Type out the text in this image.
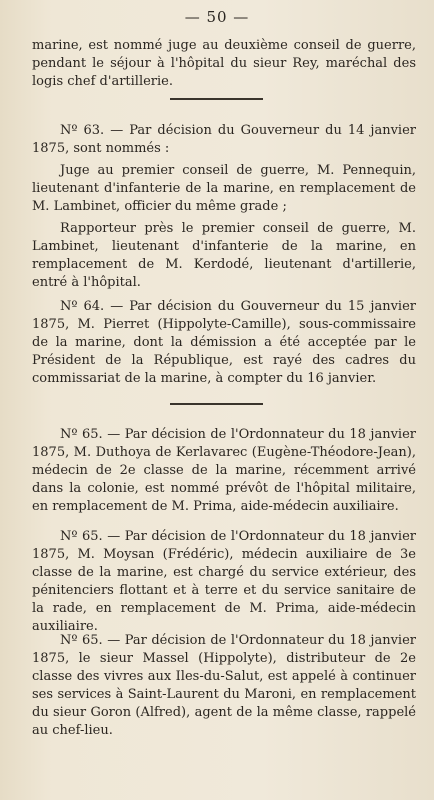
— 50 —

marine, est nommé juge au deuxième conseil de guerre, pendant le séjour à l'hôpital du sieur Rey, maréchal des logis chef d'artillerie.

Nº 63. — Par décision du Gouverneur du 14 janvier 1875, sont nommés :

Juge au premier conseil de guerre, M. Pennequin, lieutenant d'infanterie de la marine, en remplacement de M. Lambinet, officier du même grade ;

Rapporteur près le premier conseil de guerre, M. Lambinet, lieutenant d'infanterie de la marine, en remplacement de M. Kerdodé, lieutenant d'artillerie, entré à l'hôpital.

Nº 64. — Par décision du Gouverneur du 15 janvier 1875, M. Pierret (Hippolyte-Camille), sous-commissaire de la marine, dont la démission a été acceptée par le Président de la République, est rayé des cadres du commissariat de la marine, à compter du 16 janvier.

Nº 65. — Par décision de l'Ordonnateur du 18 janvier 1875, M. Duthoya de Kerlavarec (Eugène-Théodore-Jean), médecin de 2e classe de la marine, récemment arrivé dans la colonie, est nommé prévôt de l'hôpital militaire, en remplacement de M. Prima, aide-médecin auxiliaire.

Nº 65. — Par décision de l'Ordonnateur du 18 janvier 1875, M. Moysan (Frédéric), médecin auxiliaire de 3e classe de la marine, est chargé du service extérieur, des pénitenciers flottant et à terre et du service sanitaire de la rade, en remplacement de M. Prima, aide-médecin auxiliaire.

Nº 65. — Par décision de l'Ordonnateur du 18 janvier 1875, le sieur Massel (Hippolyte), distributeur de 2e classe des vivres aux Iles-du-Salut, est appelé à continuer ses services à Saint-Laurent du Maroni, en remplacement du sieur Goron (Alfred), agent de la même classe, rappelé au chef-lieu.
